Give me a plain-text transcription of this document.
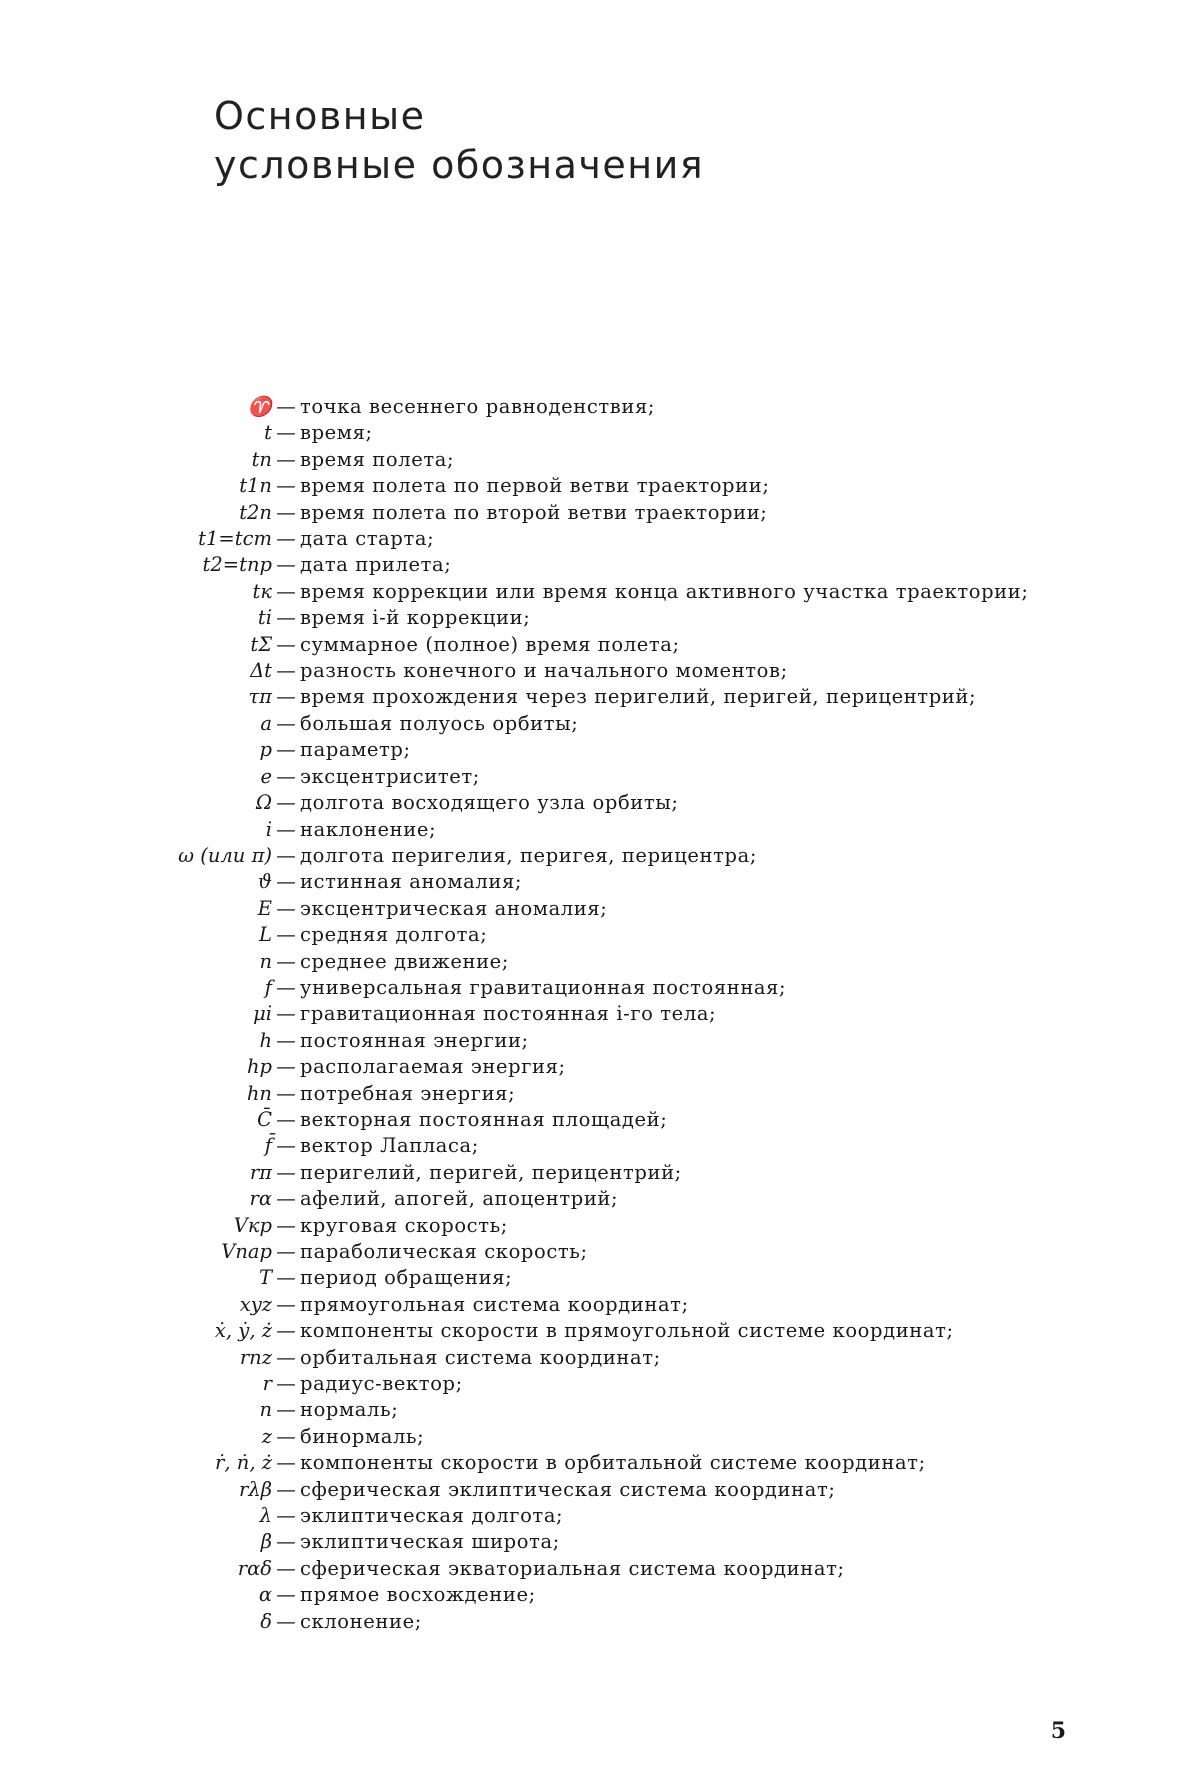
Основные
условные обозначения
♈ — точка весеннего равноденствия;
t — время;
tп — время полета;
t1п — время полета по первой ветви траектории;
t2п — время полета по второй ветви траектории;
t1=tст — дата старта;
t2=tпр — дата прилета;
tк — время коррекции или время конца активного участка траектории;
ti — время i-й коррекции;
tΣ — суммарное (полное) время полета;
Δt — разность конечного и начального моментов;
τπ — время прохождения через перигелий, перигей, перицентрий;
a — большая полуось орбиты;
p — параметр;
e — эксцентриситет;
Ω — долгота восходящего узла орбиты;
i — наклонение;
ω (или π) — долгота перигелия, перигея, перицентра;
ϑ — истинная аномалия;
E — эксцентрическая аномалия;
L — средняя долгота;
n — среднее движение;
f — универсальная гравитационная постоянная;
μi — гравитационная постоянная i-го тела;
h — постоянная энергии;
hр — располагаемая энергия;
hп — потребная энергия;
C̄ — векторная постоянная площадей;
f̄ — вектор Лапласа;
rπ — перигелий, перигей, перицентрий;
rα — афелий, апогей, апоцентрий;
Vкр — круговая скорость;
Vпар — параболическая скорость;
T — период обращения;
xyz — прямоугольная система координат;
ẋ, ẏ, ż — компоненты скорости в прямоугольной системе координат;
rnz — орбитальная система координат;
r — радиус-вектор;
n — нормаль;
z — бинормаль;
ṙ, ṅ, ż — компоненты скорости в орбитальной системе координат;
rλβ — сферическая эклиптическая система координат;
λ — эклиптическая долгота;
β — эклиптическая широта;
rαδ — сферическая экваториальная система координат;
α — прямое восхождение;
δ — склонение;
5
